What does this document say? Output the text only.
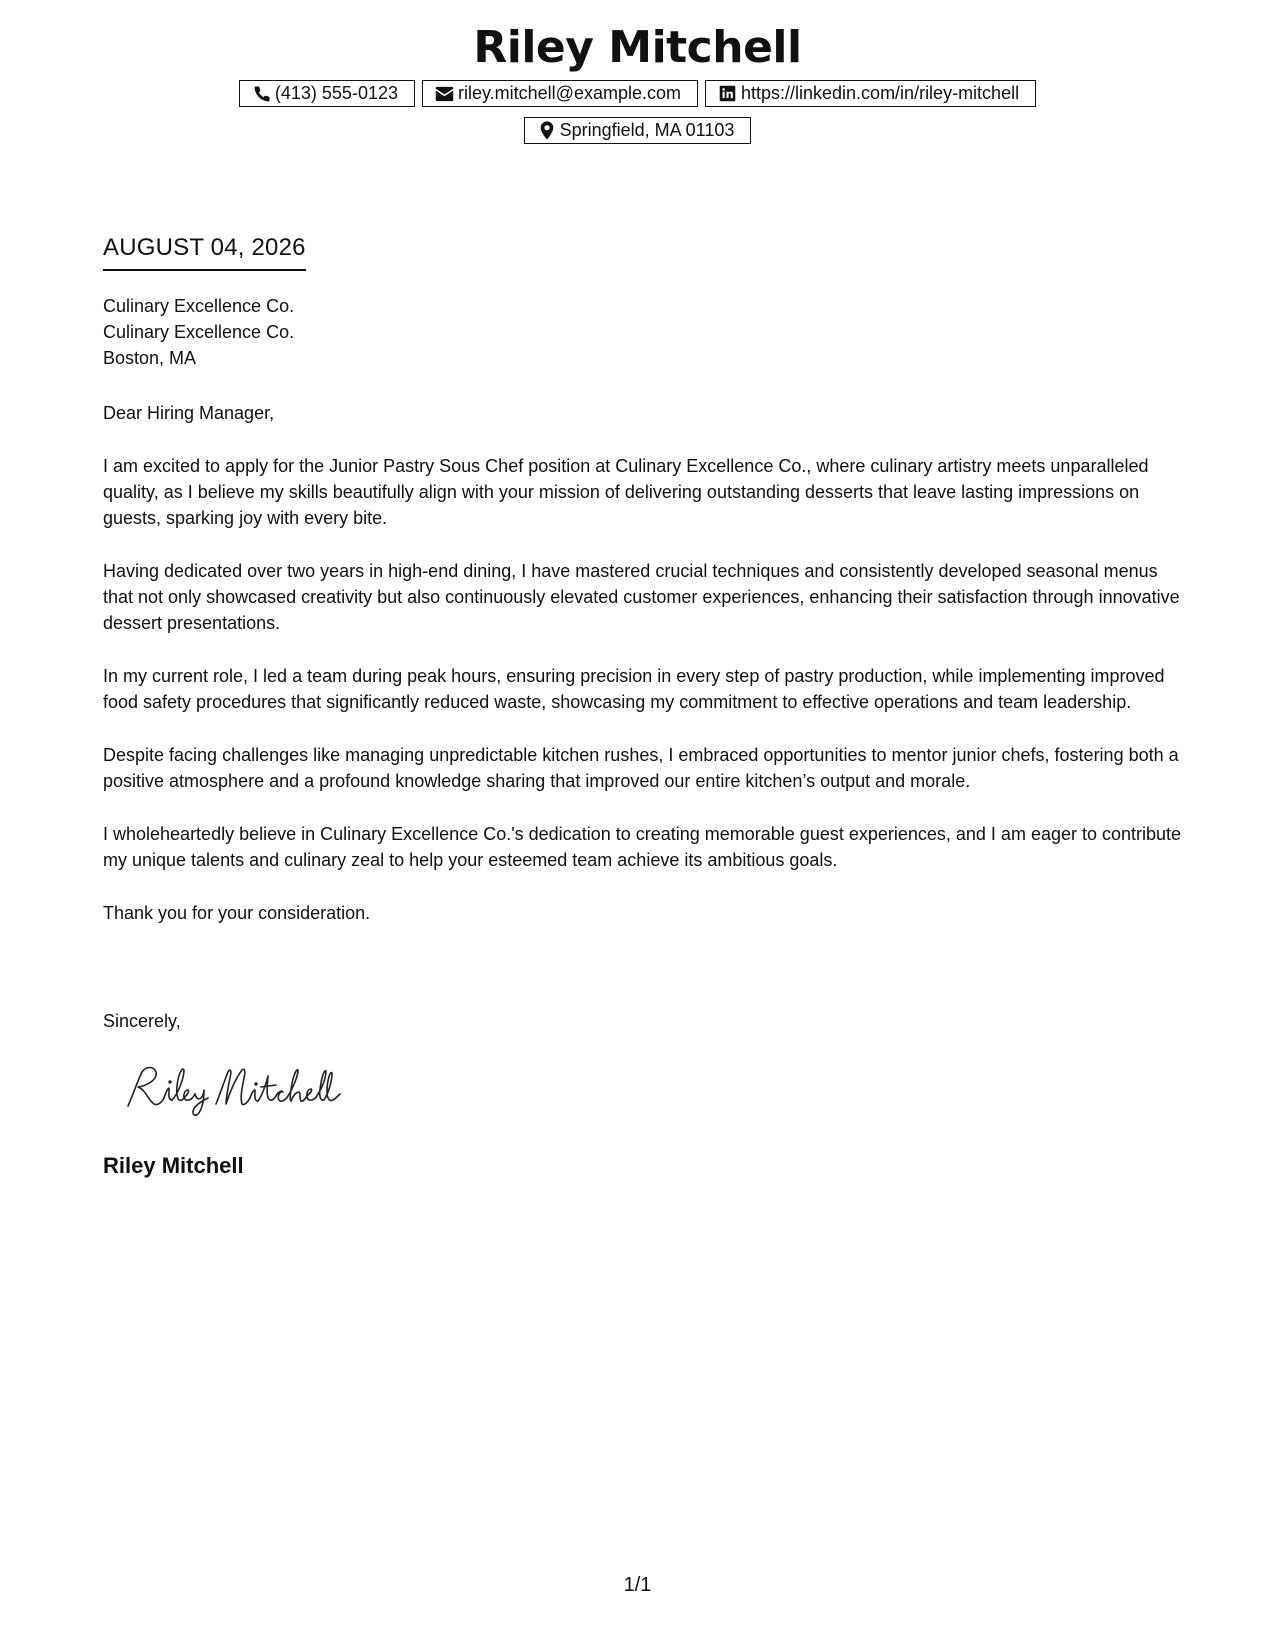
Riley Mitchell
(413) 555-0123	riley.mitchell@example.com	https://linkedin.com/in/riley-mitchell
Springfield, MA 01103
AUGUST 04, 2026
Culinary Excellence Co.
Culinary Excellence Co.
Boston, MA

Dear Hiring Manager,

I am excited to apply for the Junior Pastry Sous Chef position at Culinary Excellence Co., where culinary artistry meets unparalleled quality, as I believe my skills beautifully align with your mission of delivering outstanding desserts that leave lasting impressions on guests, sparking joy with every bite.

Having dedicated over two years in high-end dining, I have mastered crucial techniques and consistently developed seasonal menus that not only showcased creativity but also continuously elevated customer experiences, enhancing their satisfaction through innovative dessert presentations.

In my current role, I led a team during peak hours, ensuring precision in every step of pastry production, while implementing improved food safety procedures that significantly reduced waste, showcasing my commitment to effective operations and team leadership.

Despite facing challenges like managing unpredictable kitchen rushes, I embraced opportunities to mentor junior chefs, fostering both a positive atmosphere and a profound knowledge sharing that improved our entire kitchen’s output and morale.

I wholeheartedly believe in Culinary Excellence Co.'s dedication to creating memorable guest experiences, and I am eager to contribute my unique talents and culinary zeal to help your esteemed team achieve its ambitious goals.

Thank you for your consideration.

Sincerely,
Riley Mitchell
1/1
